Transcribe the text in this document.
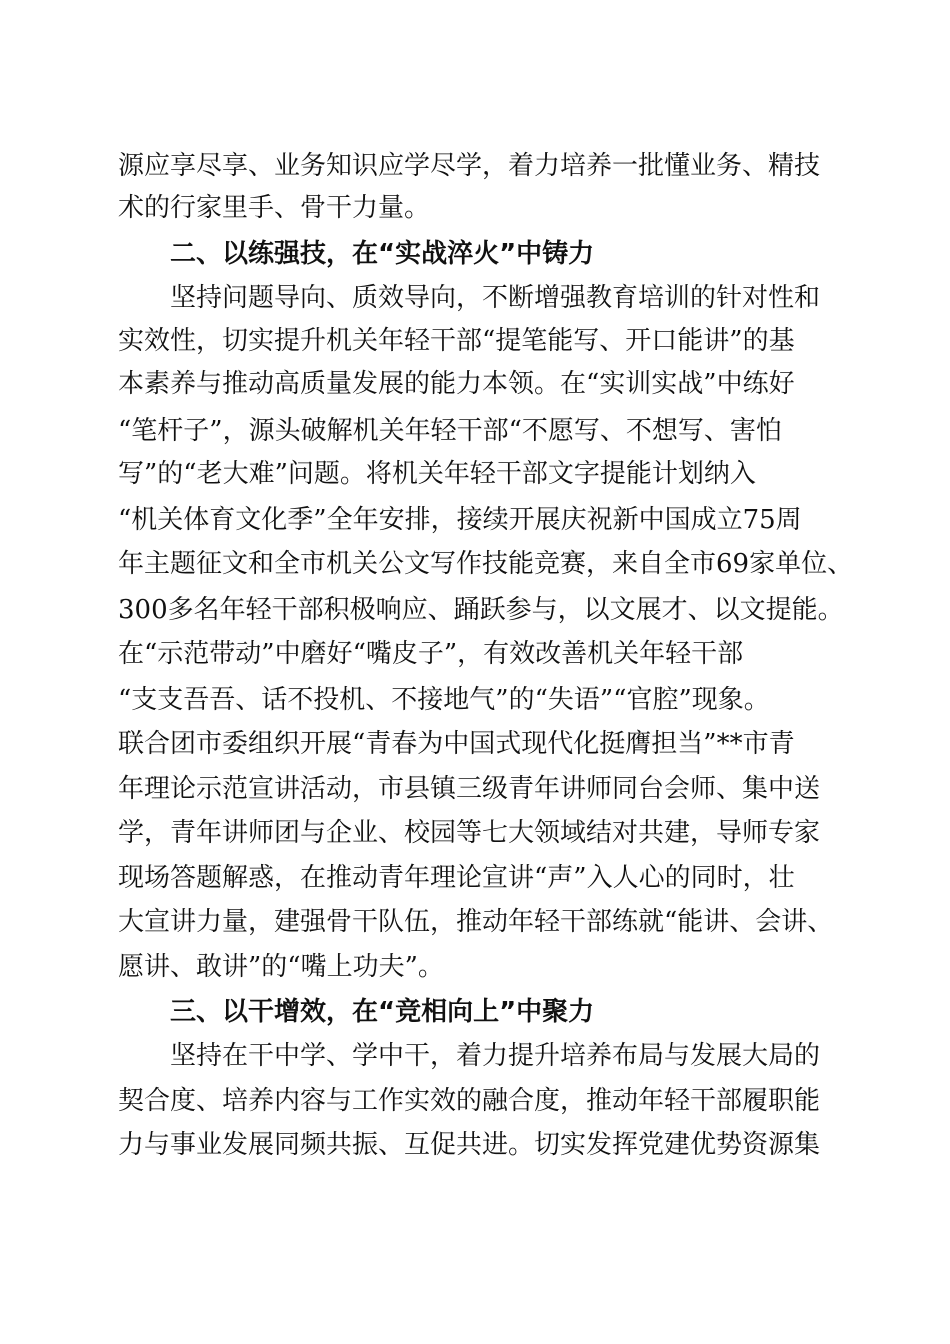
源应享尽享、业务知识应学尽学，着力培养一批懂业务、精技
术的行家里手、骨干力量。
二、以练强技，在“实战淬火”中铸力
坚持问题导向、质效导向，不断增强教育培训的针对性和
实效性，切实提升机关年轻干部“提笔能写、开口能讲”的基
本素养与推动高质量发展的能力本领。在“实训实战”中练好
“笔杆子”，源头破解机关年轻干部“不愿写、不想写、害怕
写”的“老大难”问题。将机关年轻干部文字提能计划纳入
“机关体育文化季”全年安排，接续开展庆祝新中国成立75周
年主题征文和全市机关公文写作技能竞赛，来自全市69家单位、
300多名年轻干部积极响应、踊跃参与，以文展才、以文提能。
在“示范带动”中磨好“嘴皮子”，有效改善机关年轻干部
“支支吾吾、话不投机、不接地气”的“失语”“官腔”现象。
联合团市委组织开展“青春为中国式现代化挺膺担当”**市青
年理论示范宣讲活动，市县镇三级青年讲师同台会师、集中送
学，青年讲师团与企业、校园等七大领域结对共建，导师专家
现场答题解惑，在推动青年理论宣讲“声”入人心的同时，壮
大宣讲力量，建强骨干队伍，推动年轻干部练就“能讲、会讲、
愿讲、敢讲”的“嘴上功夫”。
三、以干增效，在“竞相向上”中聚力
坚持在干中学、学中干，着力提升培养布局与发展大局的
契合度、培养内容与工作实效的融合度，推动年轻干部履职能
力与事业发展同频共振、互促共进。切实发挥党建优势资源集
